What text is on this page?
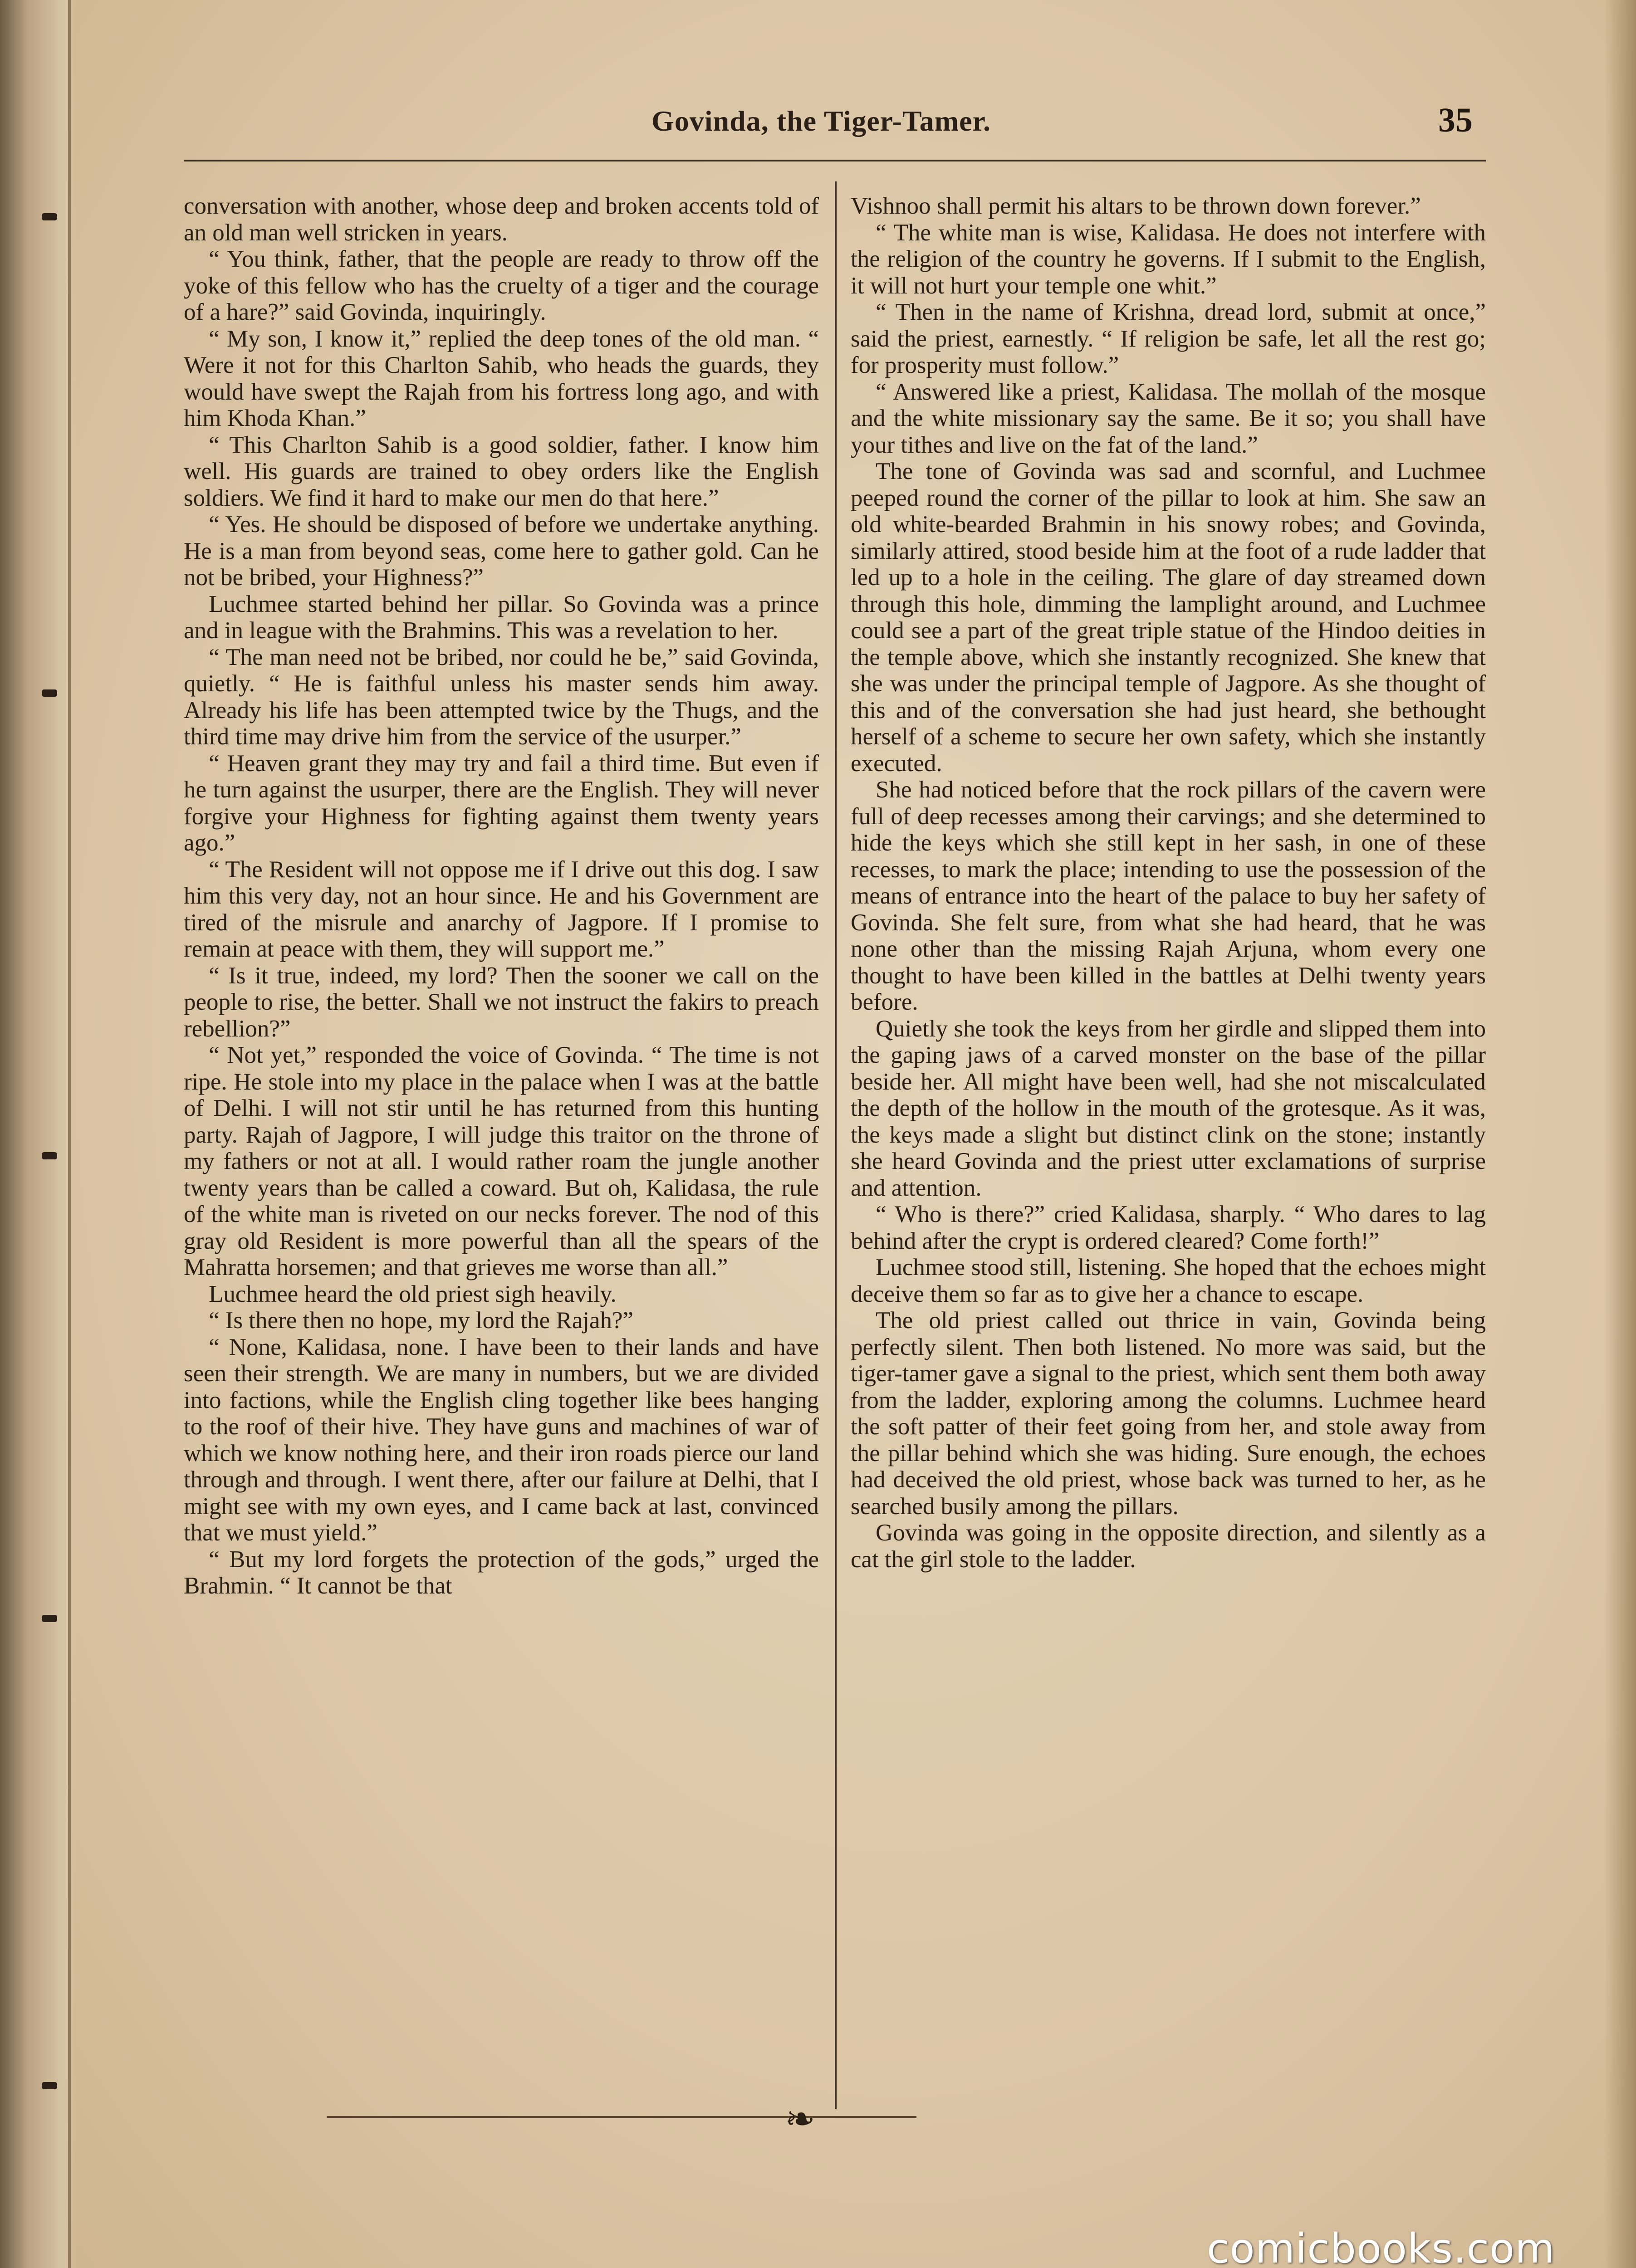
Govinda, the Tiger-Tamer.	35

conversation with another, whose deep and broken accents told of an old man well stricken in years.

“ You think, father, that the people are ready to throw off the yoke of this fellow who has the cruelty of a tiger and the courage of a hare?” said Govinda, inquiringly.

“ My son, I know it,” replied the deep tones of the old man. “ Were it not for this Charlton Sahib, who heads the guards, they would have swept the Rajah from his fortress long ago, and with him Khoda Khan.”

“ This Charlton Sahib is a good soldier, father. I know him well. His guards are trained to obey orders like the English soldiers. We find it hard to make our men do that here.”

“ Yes. He should be disposed of before we undertake anything. He is a man from beyond seas, come here to gather gold. Can he not be bribed, your Highness?”

Luchmee started behind her pillar. So Govinda was a prince and in league with the Brahmins. This was a revelation to her.

“ The man need not be bribed, nor could he be,” said Govinda, quietly. “ He is faithful unless his master sends him away. Already his life has been attempted twice by the Thugs, and the third time may drive him from the service of the usurper.”

“ Heaven grant they may try and fail a third time. But even if he turn against the usurper, there are the English. They will never forgive your Highness for fighting against them twenty years ago.”

“ The Resident will not oppose me if I drive out this dog. I saw him this very day, not an hour since. He and his Government are tired of the misrule and anarchy of Jagpore. If I promise to remain at peace with them, they will support me.”

“ Is it true, indeed, my lord? Then the sooner we call on the people to rise, the better. Shall we not instruct the fakirs to preach rebellion?”

“ Not yet,” responded the voice of Govinda. “ The time is not ripe. He stole into my place in the palace when I was at the battle of Delhi. I will not stir until he has returned from this hunting party. Rajah of Jagpore, I will judge this traitor on the throne of my fathers or not at all. I would rather roam the jungle another twenty years than be called a coward. But oh, Kalidasa, the rule of the white man is riveted on our necks forever. The nod of this gray old Resident is more powerful than all the spears of the Mahratta horsemen; and that grieves me worse than all.”

Luchmee heard the old priest sigh heavily.

“ Is there then no hope, my lord the Rajah?”

“ None, Kalidasa, none. I have been to their lands and have seen their strength. We are many in numbers, but we are divided into factions, while the English cling together like bees hanging to the roof of their hive. They have guns and machines of war of which we know nothing here, and their iron roads pierce our land through and through. I went there, after our failure at Delhi, that I might see with my own eyes, and I came back at last, convinced that we must yield.”

“ But my lord forgets the protection of the gods,” urged the Brahmin. “ It cannot be that

Vishnoo shall permit his altars to be thrown down forever.”

“ The white man is wise, Kalidasa. He does not interfere with the religion of the country he governs. If I submit to the English, it will not hurt your temple one whit.”

“ Then in the name of Krishna, dread lord, submit at once,” said the priest, earnestly. “ If religion be safe, let all the rest go; for prosperity must follow.”

“ Answered like a priest, Kalidasa. The mollah of the mosque and the white missionary say the same. Be it so; you shall have your tithes and live on the fat of the land.”

The tone of Govinda was sad and scornful, and Luchmee peeped round the corner of the pillar to look at him. She saw an old white-bearded Brahmin in his snowy robes; and Govinda, similarly attired, stood beside him at the foot of a rude ladder that led up to a hole in the ceiling. The glare of day streamed down through this hole, dimming the lamplight around, and Luchmee could see a part of the great triple statue of the Hindoo deities in the temple above, which she instantly recognized. She knew that she was under the principal temple of Jagpore. As she thought of this and of the conversation she had just heard, she bethought herself of a scheme to secure her own safety, which she instantly executed.

She had noticed before that the rock pillars of the cavern were full of deep recesses among their carvings; and she determined to hide the keys which she still kept in her sash, in one of these recesses, to mark the place; intending to use the possession of the means of entrance into the heart of the palace to buy her safety of Govinda. She felt sure, from what she had heard, that he was none other than the missing Rajah Arjuna, whom every one thought to have been killed in the battles at Delhi twenty years before.

Quietly she took the keys from her girdle and slipped them into the gaping jaws of a carved monster on the base of the pillar beside her. All might have been well, had she not miscalculated the depth of the hollow in the mouth of the grotesque. As it was, the keys made a slight but distinct clink on the stone; instantly she heard Govinda and the priest utter exclamations of surprise and attention.

“ Who is there?” cried Kalidasa, sharply. “ Who dares to lag behind after the crypt is ordered cleared? Come forth!”

Luchmee stood still, listening. She hoped that the echoes might deceive them so far as to give her a chance to escape.

The old priest called out thrice in vain, Govinda being perfectly silent. Then both listened. No more was said, but the tiger-tamer gave a signal to the priest, which sent them both away from the ladder, exploring among the columns. Luchmee heard the soft patter of their feet going from her, and stole away from the pillar behind which she was hiding. Sure enough, the echoes had deceived the old priest, whose back was turned to her, as he searched busily among the pillars.

Govinda was going in the opposite direction, and silently as a cat the girl stole to the ladder.

❧
comicbooks.com
